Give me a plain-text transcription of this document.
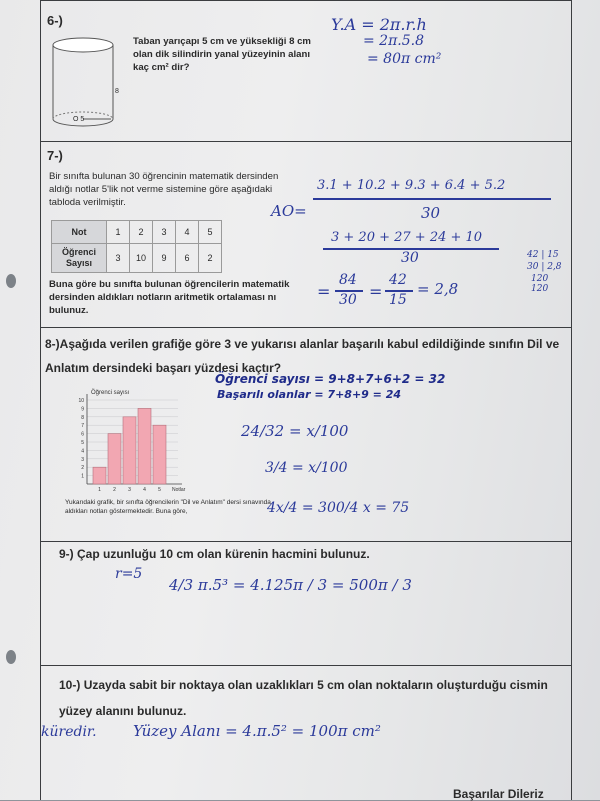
6-)
8
O 5
Taban yarıçapı 5 cm ve yüksekliği 8 cm olan dik silindirin yanal yüzeyinin alanı kaç cm² dir?
Y.A = 2π.r.h
= 2π.5.8
= 80π cm²
7-)
Bir sınıfta bulunan 30 öğrencinin matematik dersinden aldığı notlar 5'lik not verme sistemine göre aşağıdaki tabloda verilmiştir.
Not	1	2	3	4	5
Öğrenci Sayısı	3	10	9	6	2
Buna göre bu sınıfta bulunan öğrencilerin matematik dersinden aldıkları notların aritmetik ortalaması nı bulunuz.
AO=
3.1 + 10.2 + 9.3 + 6.4 + 5.2
30
3 + 20 + 27 + 24 + 10
30
=
84
30 =
42
15
= 2,8
42 | 15
30 | 2,8
120
120
8-)Aşağıda verilen grafiğe göre 3 ve yukarısı alanlar başarılı kabul edildiğinde sınıfın Dil ve Anlatım dersindeki başarı yüzdesi kaçtır?
1
2
3
4
5
6
7
8
9
10
1 2 3 4 5
Öğrenci sayısı
Notlar
Yukarıdaki grafik, bir sınıfta öğrencilerin "Dil ve Anlatım" dersi sınavında aldıkları notları göstermektedir. Buna göre,
Öğrenci sayısı = 9+8+7+6+2 = 32
Başarılı olanlar = 7+8+9 = 24
24/32 = x/100
3/4 = x/100
4x/4 = 300/4 x = 75
9-) Çap uzunluğu 10 cm olan kürenin hacmini bulunuz.
r=5
4/3 π.5³ = 4.125π / 3 = 500π / 3
10-) Uzayda sabit bir noktaya olan uzaklıkları 5 cm olan noktaların oluşturduğu cismin yüzey alanını bulunuz.
küredir. Yüzey Alanı = 4.π.5² = 100π cm²
Başarılar Dileriz
